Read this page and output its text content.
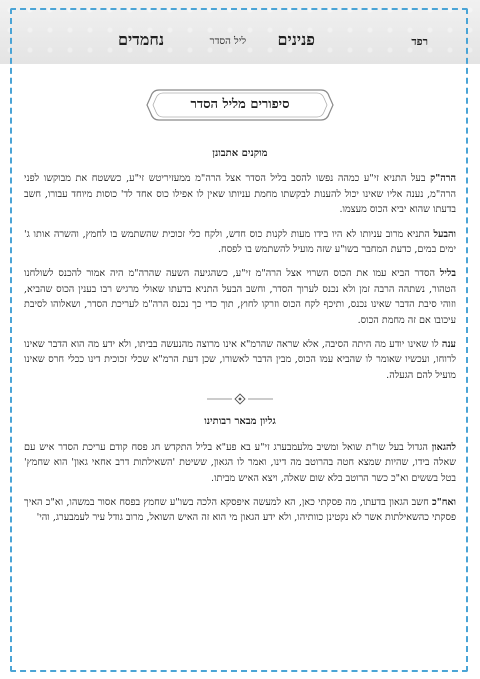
רפד
פנינים
ליל הסדר
נחמדים
סיפורים מליל הסדר
מוקנים אתבונן

הרה"ק בעל התניא זי"ע כמהה נפשו להסב בליל הסדר אצל הרה"מ ממעזיריטש זי"ע, כששטח את מבוקשו לפני הרה"מ, נענה אליו שאינו יכול להענות לבקשתו מחמת עניותו שאין לו אפילו כוס אחד לד' כוסות מיוחד עבורו, חשב בדעתו שהוא יביא הכוס מעצמו.

והבעל התניא מרוב עניותו לא היו בידו מעות לקנות כוס חדש, ולקח כלי זכוכית שהשתמש בו לחמץ, והשרה אותו ג' ימים במים, כדעת המחבר בשו"ע שזה מועיל להשתמש בו לפסח.

בליל הסדר הביא עמו את הכוס השרוי אצל הרה"מ זי"ע, כשהגיעה השעה שהרה"מ היה אמור להכנס לשולחנו הטהור, נשתהה הרבה זמן ולא נכנס לערוך הסדר, וחשב הבעל התניא בדעתו שאולי מרגיש רבו בענין הכוס שהביא, וזוהי סיבת הדבר שאינו נכנס, ותיכף לקח הכוס וזרקו לחוץ, תוך כדי כך נכנס הרה"מ לעריכת הסדר, ושאלוהו לסיבת עיכובו אם זה מחמת הכוס.

ענה לו שאינו יודע מה היתה הסיבה, אלא שראה שהרמ"א אינו מרוצה מהנעשה בביתו, ולא ידע מה הוא הדבר שאינו לרוחו, ועכשיו שאומר לו שהביא עמו הכוס, מבין הדבר לאשורו, שכן דעת הרמ"א שכלי זכוכית דינו ככלי חרס שאינו מועיל להם הגעלה.

גליון מבאר רבותינו

להגאון הגדול בעל שו"ת שואל ומשיב מלעמבערג זי"ע בא פע"א בליל התקדש חג פסח קודם עריכת הסדר איש עם שאלה בידו, שהיות שמצא חטה בהרוטב מה דינו, ואמר לו הגאון, ששיטת 'השאילתות דרב אחאי גאון' הוא שחמץ' בטל בששים וא"כ כשר הרוטב בלא שום שאלה, ויצא האיש מביתו.

ואח"כ חשב הגאון בדעתו, מה פסקתי כאן, הא למעשה איפסקא הלכה בשו"ע שחמץ בפסח אסור במשהו, וא"כ האיך פסקתי כהשאילתות אשר לא נקטינן כוותיהו, ולא ידע הגאון מי הוא זה האיש השואל, מרוב גודל עיר לעמבערג, והי'
